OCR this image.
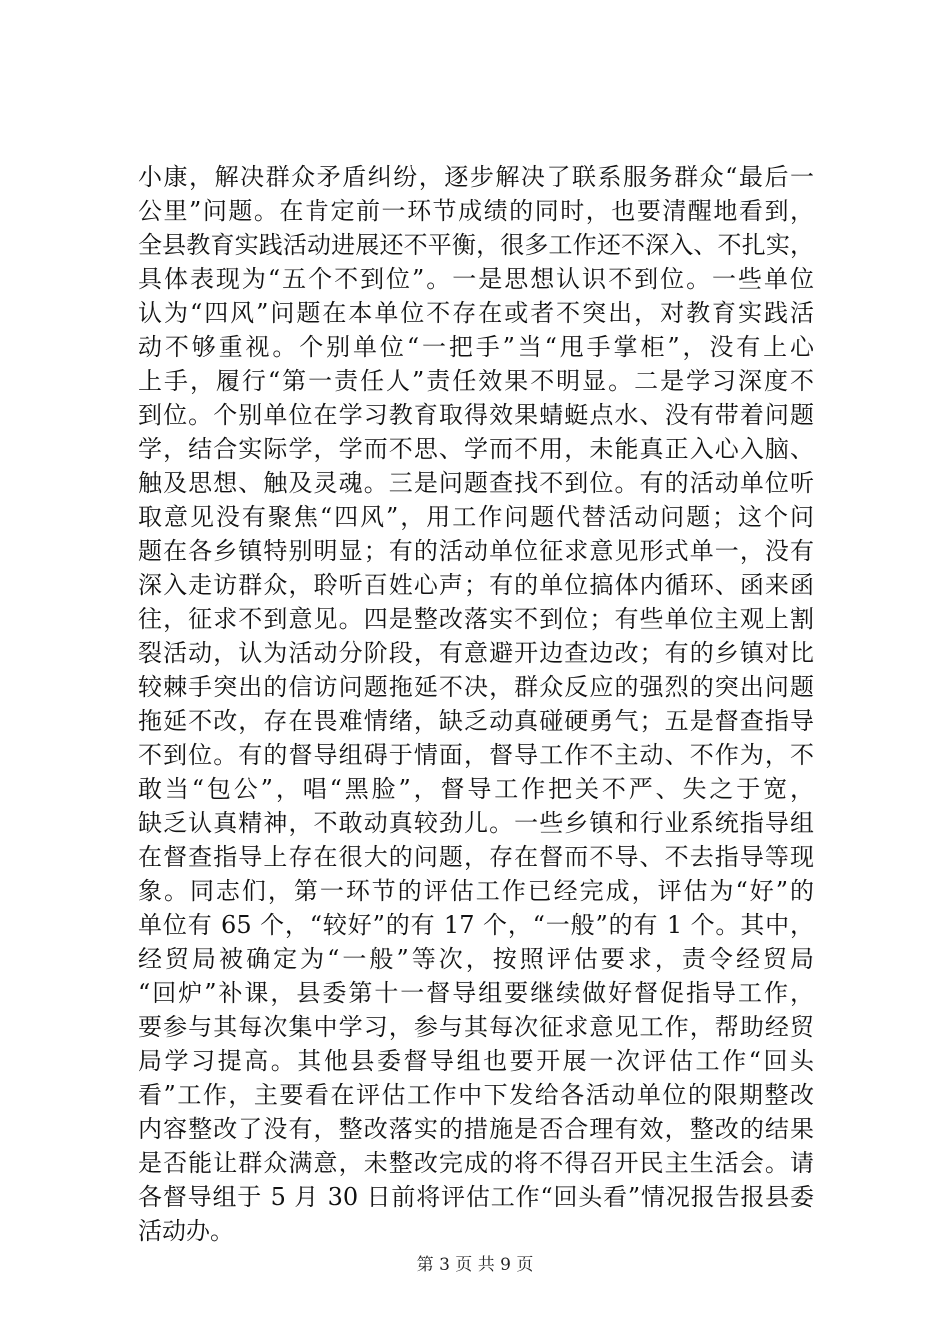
小康，解决群众矛盾纠纷，逐步解决了联系服务群众“最后一
公里”问题。在肯定前一环节成绩的同时，也要清醒地看到，
全县教育实践活动进展还不平衡，很多工作还不深入、不扎实，
具体表现为“五个不到位”。一是思想认识不到位。一些单位
认为“四风”问题在本单位不存在或者不突出，对教育实践活
动不够重视。个别单位“一把手”当“甩手掌柜”，没有上心
上手，履行“第一责任人”责任效果不明显。二是学习深度不
到位。个别单位在学习教育取得效果蜻蜓点水、没有带着问题
学，结合实际学，学而不思、学而不用，未能真正入心入脑、
触及思想、触及灵魂。三是问题查找不到位。有的活动单位听
取意见没有聚焦“四风”，用工作问题代替活动问题；这个问
题在各乡镇特别明显；有的活动单位征求意见形式单一，没有
深入走访群众，聆听百姓心声；有的单位搞体内循环、函来函
往，征求不到意见。四是整改落实不到位；有些单位主观上割
裂活动，认为活动分阶段，有意避开边查边改；有的乡镇对比
较棘手突出的信访问题拖延不决，群众反应的强烈的突出问题
拖延不改，存在畏难情绪，缺乏动真碰硬勇气；五是督查指导
不到位。有的督导组碍于情面，督导工作不主动、不作为，不
敢当“包公”，唱“黑脸”，督导工作把关不严、失之于宽，
缺乏认真精神，不敢动真较劲儿。一些乡镇和行业系统指导组
在督查指导上存在很大的问题，存在督而不导、不去指导等现
象。同志们，第一环节的评估工作已经完成，评估为“好”的
单位有 65 个，“较好”的有 17 个，“一般”的有 1 个。其中，
经贸局被确定为“一般”等次，按照评估要求，责令经贸局
“回炉”补课，县委第十一督导组要继续做好督促指导工作，
要参与其每次集中学习，参与其每次征求意见工作，帮助经贸
局学习提高。其他县委督导组也要开展一次评估工作“回头
看”工作，主要看在评估工作中下发给各活动单位的限期整改
内容整改了没有，整改落实的措施是否合理有效，整改的结果
是否能让群众满意，未整改完成的将不得召开民主生活会。请
各督导组于 5 月 30 日前将评估工作“回头看”情况报告报县委
活动办。
第 3 页 共 9 页
